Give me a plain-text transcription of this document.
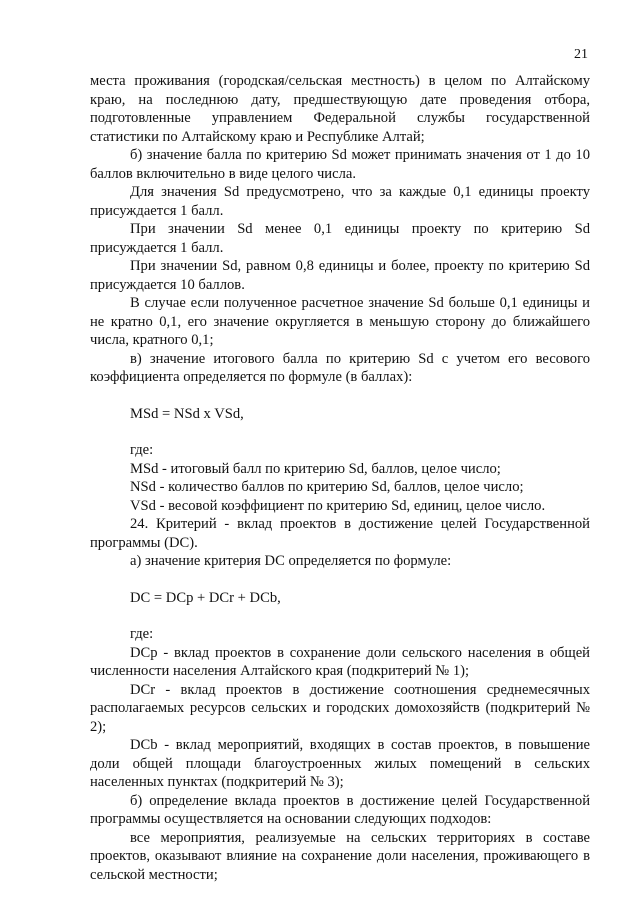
21

места проживания (городская/сельская местность) в целом по Алтайскому краю, на последнюю дату, предшествующую дате проведения отбора, подготовленные управлением Федеральной службы государственной статистики по Алтайскому краю и Республике Алтай;

б) значение балла по критерию Sd может принимать значения от 1 до 10 баллов включительно в виде целого числа.

Для значения Sd предусмотрено, что за каждые 0,1 единицы проекту присуждается 1 балл.

При значении Sd менее 0,1 единицы проекту по критерию Sd присуждается 1 балл.

При значении Sd, равном 0,8 единицы и более, проекту по критерию Sd присуждается 10 баллов.

В случае если полученное расчетное значение Sd больше 0,1 единицы и не кратно 0,1, его значение округляется в меньшую сторону до ближайшего числа, кратного 0,1;

в) значение итогового балла по критерию Sd с учетом его весового коэффициента определяется по формуле (в баллах):

MSd = NSd x VSd,

где:

MSd - итоговый балл по критерию Sd, баллов, целое число;

NSd - количество баллов по критерию Sd, баллов, целое число;

VSd - весовой коэффициент по критерию Sd, единиц, целое число.

24. Критерий - вклад проектов в достижение целей Государственной программы (DC).

а) значение критерия DC определяется по формуле:

DC = DCp + DCr + DCb,

где:

DCp - вклад проектов в сохранение доли сельского населения в общей численности населения Алтайского края (подкритерий № 1);

DCr - вклад проектов в достижение соотношения среднемесячных располагаемых ресурсов сельских и городских домохозяйств (подкритерий № 2);

DCb - вклад мероприятий, входящих в состав проектов, в повышение доли общей площади благоустроенных жилых помещений в сельских населенных пунктах (подкритерий № 3);

б) определение вклада проектов в достижение целей Государственной программы осуществляется на основании следующих подходов:

все мероприятия, реализуемые на сельских территориях в составе проектов, оказывают влияние на сохранение доли населения, проживающего в сельской местности;
